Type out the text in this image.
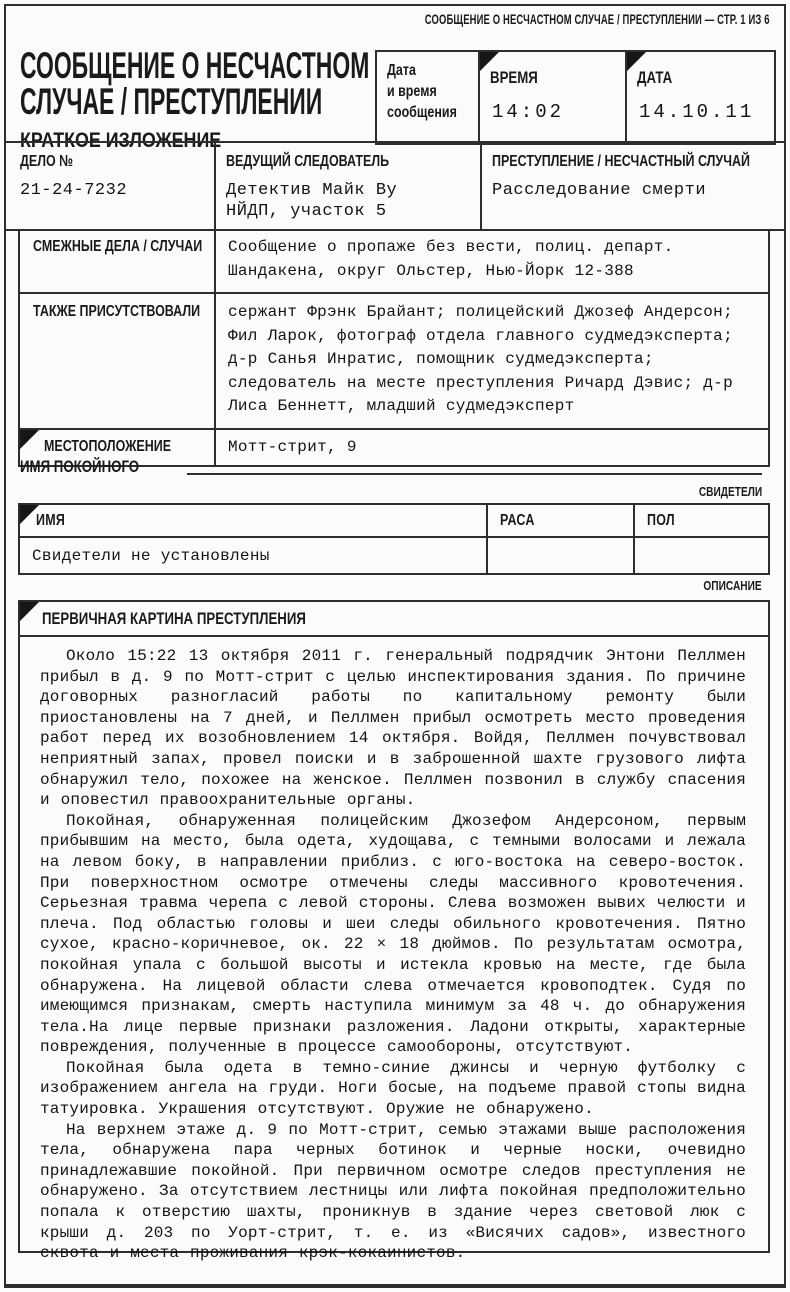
СООБЩЕНИЕ О НЕСЧАСТНОМ СЛУЧАЕ / ПРЕСТУПЛЕНИИ — СТР. 1 ИЗ 6
СООБЩЕНИЕ О НЕСЧАСТНОМ
СЛУЧАЕ / ПРЕСТУПЛЕНИИ
КРАТКОЕ ИЗЛОЖЕНИЕ
Дата
и время
сообщения
ВРЕМЯ
14:02
ДАТА
14.10.11
ДЕЛО №
21-24-7232
ВЕДУЩИЙ СЛЕДОВАТЕЛЬ
Детектив Майк Ву
НЙДП, участок 5
ПРЕСТУПЛЕНИЕ / НЕСЧАСТНЫЙ СЛУЧАЙ
Расследование смерти
СМЕЖНЫЕ ДЕЛА / СЛУЧАИ	Сообщение о пропаже без вести, полиц. департ. Шандакена, округ Ольстер, Нью-Йорк 12-388
ТАКЖЕ ПРИСУТСТВОВАЛИ	сержант Фрэнк Брайант; полицейский Джозеф Андерсон; Фил Ларок, фотограф отдела главного судмедэксперта; д-р Санья Инратис, помощник судмедэксперта; следователь на месте преступления Ричард Дэвис; д-р Лиса Беннетт, младший судмедэксперт
МЕСТОПОЛОЖЕНИЕ	Мотт-стрит, 9
ИМЯ ПОКОЙНОГО
СВИДЕТЕЛИ
ИМЯ	РАСА	ПОЛ
Свидетели не установлены
ОПИСАНИЕ
ПЕРВИЧНАЯ КАРТИНА ПРЕСТУПЛЕНИЯ

Около 15:22 13 октября 2011 г. генеральный подрядчик Энтони Пеллмен прибыл в д. 9 по Мотт-стрит с целью инспектирования здания. По причине договорных разногласий работы по капитальному ремонту были приостановлены на 7 дней, и Пеллмен прибыл осмотреть место проведения работ перед их возобновлением 14 октября. Войдя, Пеллмен почувствовал неприятный запах, провел поиски и в заброшенной шахте грузового лифта обнаружил тело, похожее на женское. Пеллмен позвонил в службу спасения и оповестил правоохранительные органы.

Покойная, обнаруженная полицейским Джозефом Андерсоном, первым прибывшим на место, была одета, худощава, с темными волосами и лежала на левом боку, в направлении приблиз. с юго-востока на северо-восток. При поверхностном осмотре отмечены следы массивного кровотечения. Серьезная травма черепа с левой стороны. Слева возможен вывих челюсти и плеча. Под областью головы и шеи следы обильного кровотечения. Пятно сухое, красно-коричневое, ок. 22 × 18 дюймов. По результатам осмотра, покойная упала с большой высоты и истекла кровью на месте, где была обнаружена. На лицевой области слева отмечается кровоподтек. Судя по имеющимся признакам, смерть наступила минимум за 48 ч. до обнаружения тела.На лице первые признаки разложения. Ладони открыты, характерные повреждения, полученные в процессе самообороны, отсутствуют.

Покойная была одета в темно-синие джинсы и черную футболку с изображением ангела на груди. Ноги босые, на подъеме правой стопы видна татуировка. Украшения отсутствуют. Оружие не обнаружено.

На верхнем этаже д. 9 по Мотт-стрит, семью этажами выше расположения тела, обнаружена пара черных ботинок и черные носки, очевидно принадлежавшие покойной. При первичном осмотре следов преступления не обнаружено. За отсутствием лестницы или лифта покойная предположительно попала к отверстию шахты, проникнув в здание через световой люк с крыши д. 203 по Уорт-стрит, т. е. из «Висячих садов», известного сквота и места проживания крэк-кокаинистов.
